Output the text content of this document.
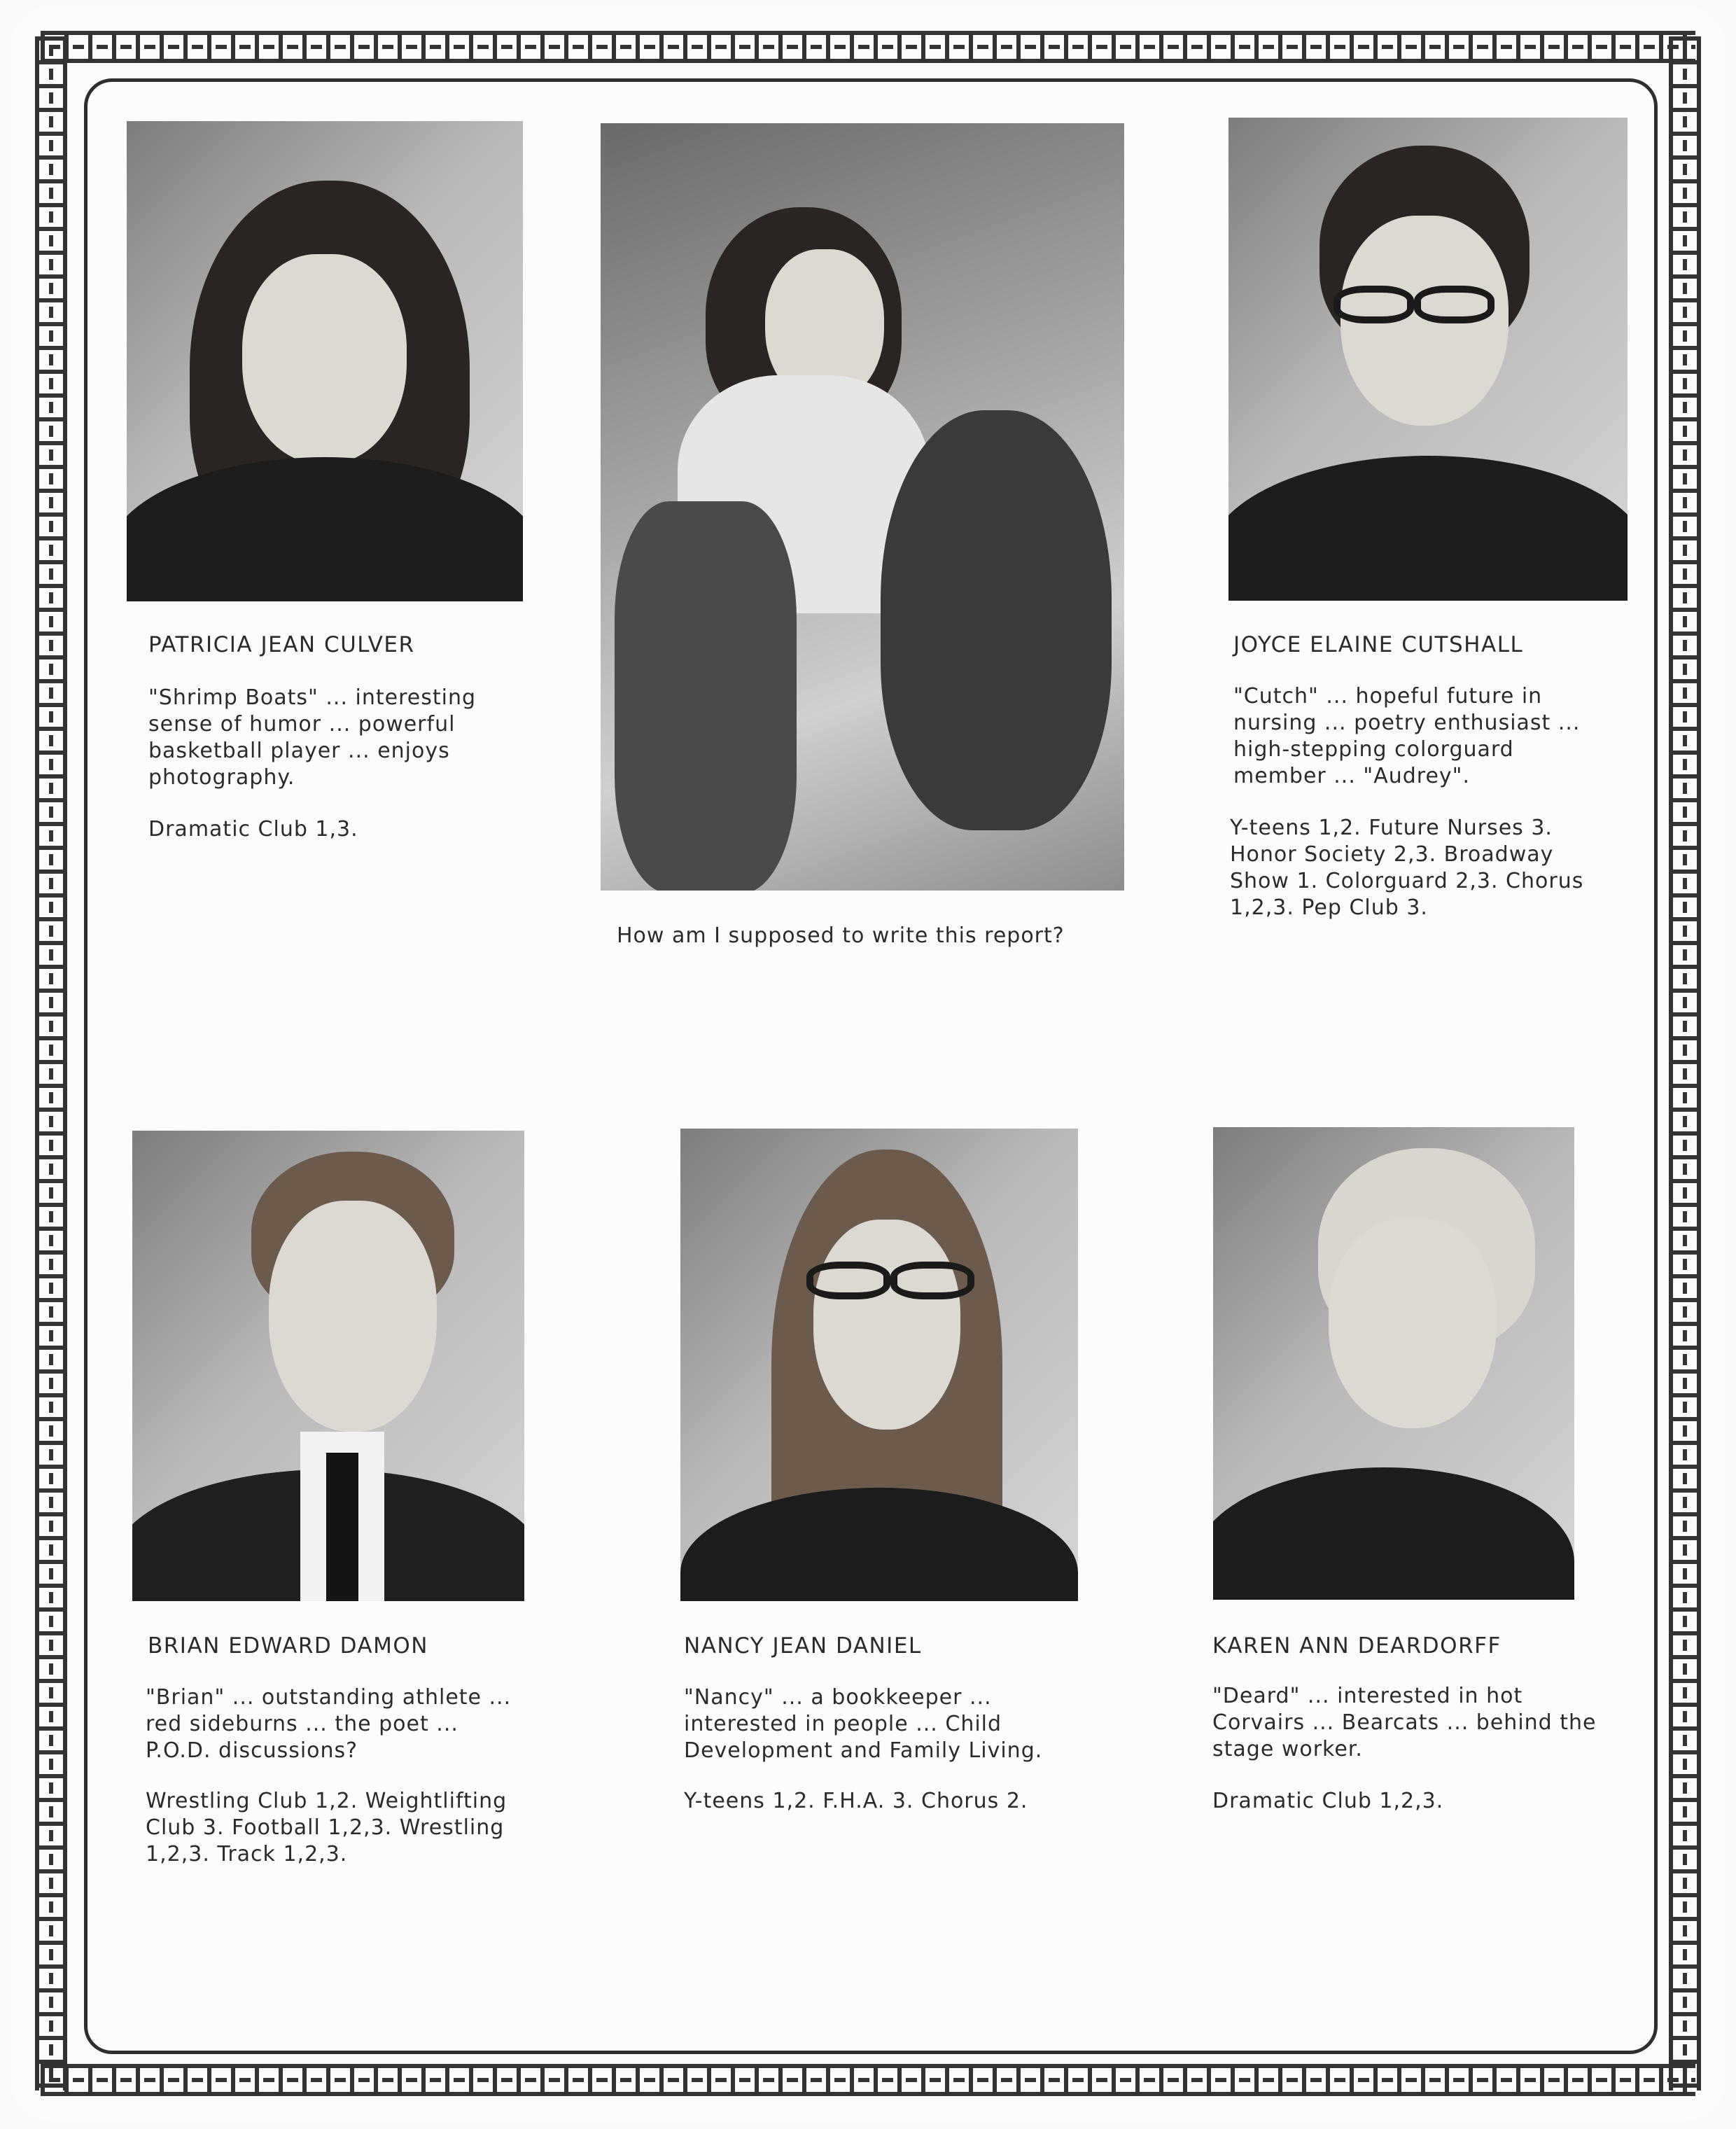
PATRICIA JEAN CULVER
"Shrimp Boats" ... interesting sense of humor ... powerful basketball player ... enjoys photography.
Dramatic Club 1,3.
How am I supposed to write this report?
JOYCE ELAINE CUTSHALL
"Cutch" ... hopeful future in nursing ... poetry enthusiast ... high-stepping colorguard member ... "Audrey".
Y-teens 1,2. Future Nurses 3. Honor Society 2,3. Broadway Show 1. Colorguard 2,3. Chorus 1,2,3. Pep Club 3.
BRIAN EDWARD DAMON
"Brian" ... outstanding athlete ... red sideburns ... the poet ... P.O.D. discussions?
Wrestling Club 1,2. Weightlifting Club 3. Football 1,2,3. Wrestling 1,2,3. Track 1,2,3.
NANCY JEAN DANIEL
"Nancy" ... a bookkeeper ... interested in people ... Child Development and Family Living.
Y-teens 1,2. F.H.A. 3. Chorus 2.
KAREN ANN DEARDORFF
"Deard" ... interested in hot Corvairs ... Bearcats ... behind the stage worker.
Dramatic Club 1,2,3.
